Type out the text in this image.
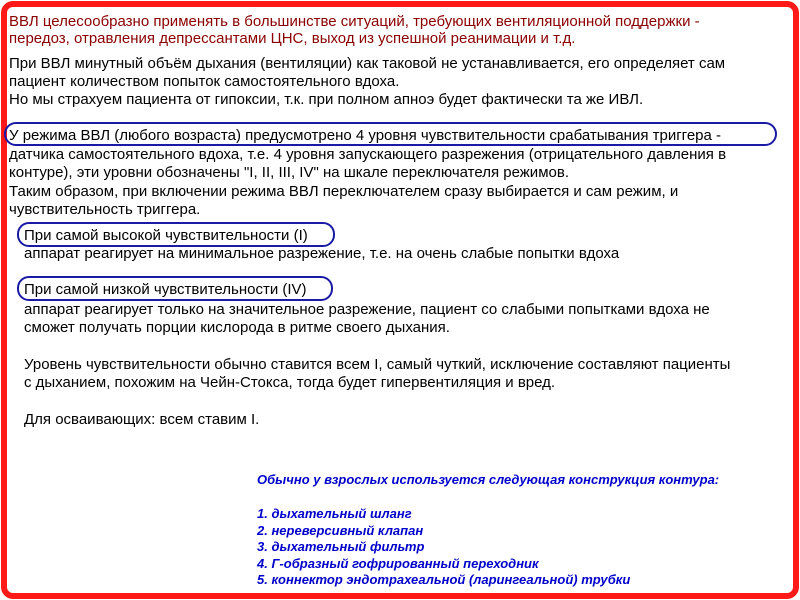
ВВЛ целесообразно применять в большинстве ситуаций, требующих вентиляционной поддержки -
передоз, отравления депрессантами ЦНС, выход из успешной реанимации и т.д.
При ВВЛ минутный объём дыхания (вентиляции) как таковой не устанавливается, его определяет сам
пациент количеством попыток самостоятельного вдоха.
Но мы страхуем пациента от гипоксии, т.к. при полном апноэ будет фактически та же ИВЛ.
У режима ВВЛ (любого возраста) предусмотрено 4 уровня чувствительности срабатывания триггера -
датчика самостоятельного вдоха, т.е. 4 уровня запускающего разрежения (отрицательного давления в
контуре), эти уровни обозначены "I, II, III, IV" на шкале переключателя режимов.
Таким образом, при включении режима ВВЛ переключателем сразу выбирается и сам режим, и
чувствительность триггера.
При самой высокой чувствительности (I)
аппарат реагирует на минимальное разрежение, т.е. на очень слабые попытки вдоха
При самой низкой чувствительности (IV)
аппарат реагирует только на значительное разрежение, пациент со слабыми попытками вдоха не
сможет получать порции кислорода в ритме своего дыхания.
Уровень чувствительности обычно ставится всем I, самый чуткий, исключение составляют пациенты
с дыханием, похожим на Чейн-Стокса, тогда будет гипервентиляция и вред.
Для осваивающих: всем ставим I.
Обычно у взрослых используется следующая конструкция контура:
1. дыхательный шланг
2. нереверсивный клапан
3. дыхательный фильтр
4. Г-образный гофрированный переходник
5. коннектор эндотрахеальной (ларингеальной) трубки
